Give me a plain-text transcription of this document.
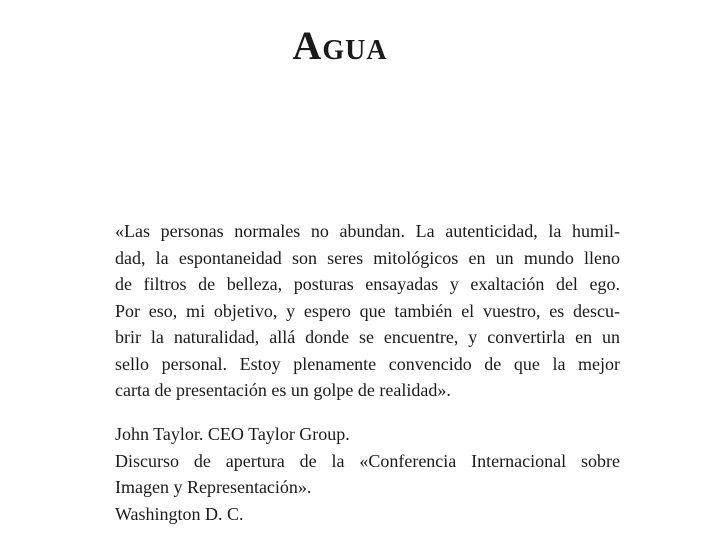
Agua
«Las personas normales no abundan. La autenticidad, la humil-
dad, la espontaneidad son seres mitológicos en un mundo lleno
de filtros de belleza, posturas ensayadas y exaltación del ego.
Por eso, mi objetivo, y espero que también el vuestro, es descu-
brir la naturalidad, allá donde se encuentre, y convertirla en un
sello personal. Estoy plenamente convencido de que la mejor
carta de presentación es un golpe de realidad».
John Taylor. CEO Taylor Group.
Discurso de apertura de la «Conferencia Internacional sobre
Imagen y Representación».
Washington D. C.
